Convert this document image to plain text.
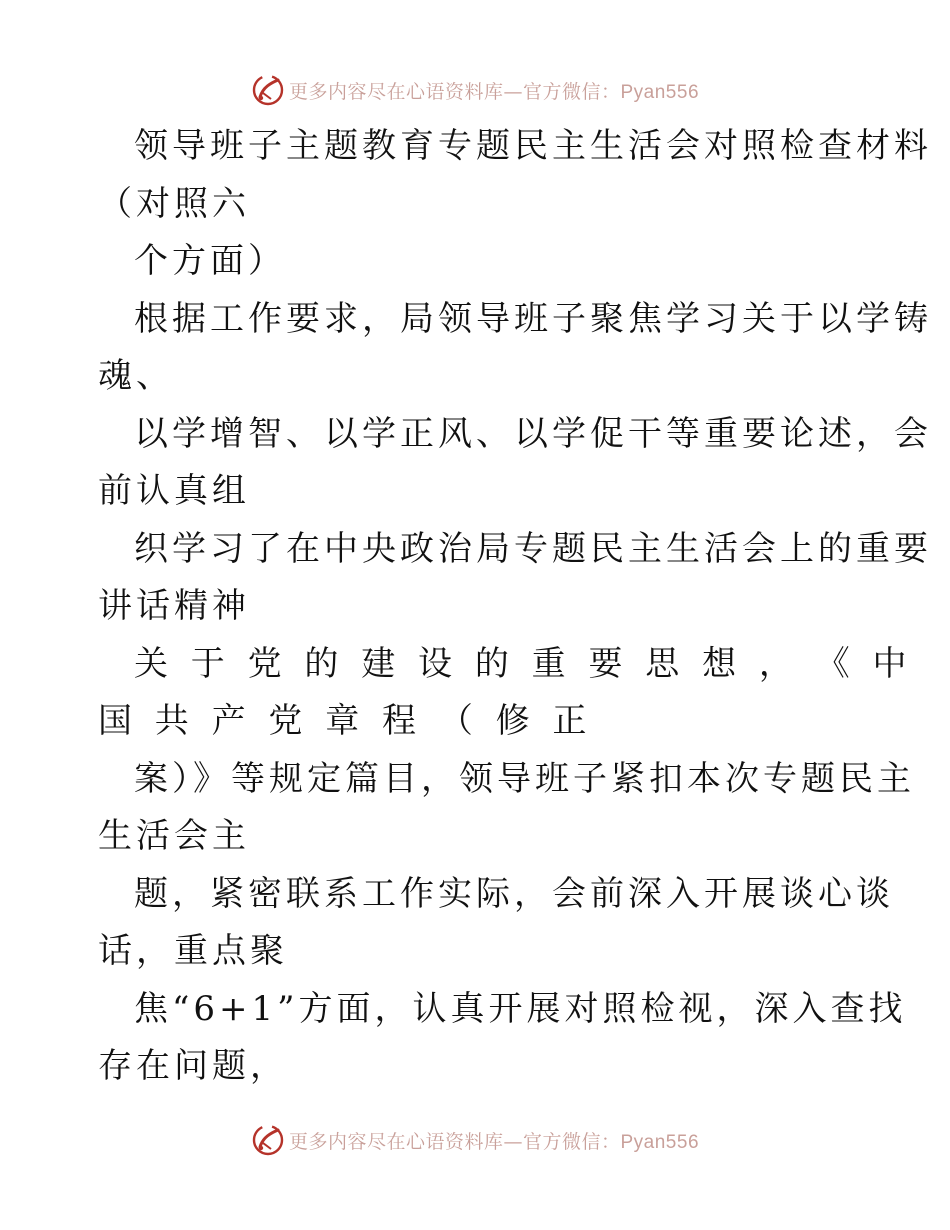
更多内容尽在心语资料库—官方微信：Pyan556
领导班子主题教育专题民主生活会对照检查材料
（对照六
个方面）
根据工作要求，局领导班子聚焦学习关于以学铸
魂、
以学增智、以学正风、以学促干等重要论述，会
前认真组
织学习了在中央政治局专题民主生活会上的重要
讲话精神
关 于 党 的 建 设 的 重 要 思 想 ， 《 中
国 共 产 党 章 程 （ 修 正
案）》等规定篇目，领导班子紧扣本次专题民主
生活会主
题，紧密联系工作实际，会前深入开展谈心谈
话，重点聚
焦“6+1”方面，认真开展对照检视，深入查找
存在问题，
更多内容尽在心语资料库—官方微信：Pyan556
